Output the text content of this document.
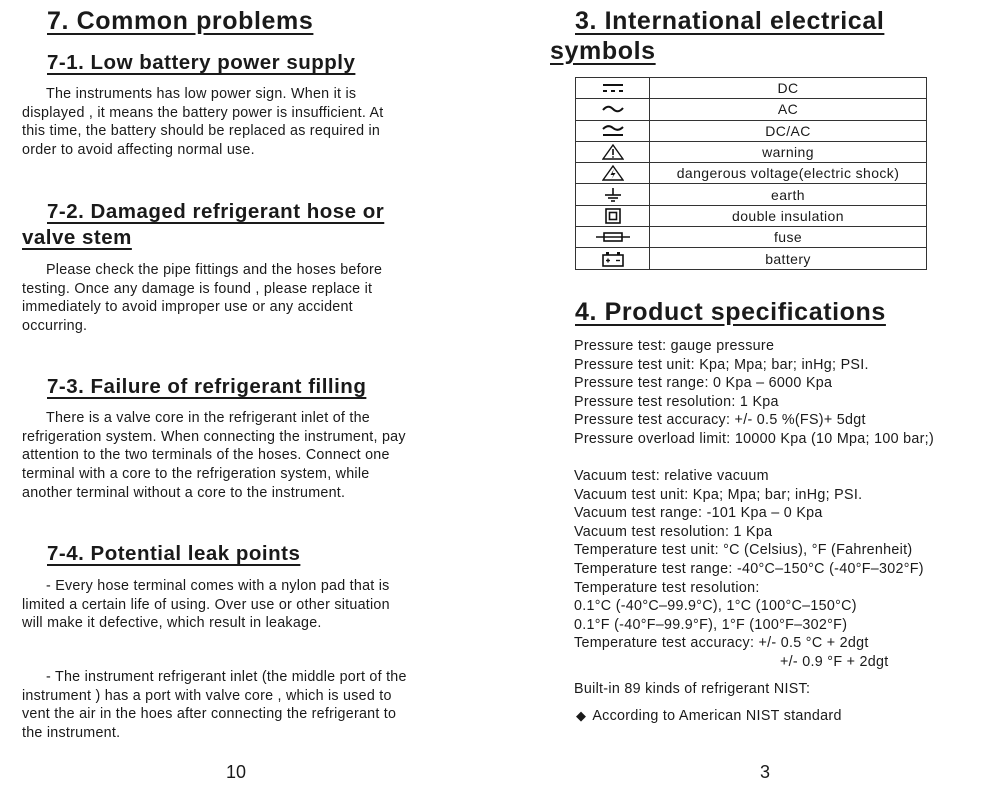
7. Common problems
7-1. Low battery power supply
The instruments has low power sign. When it is
displayed , it means the battery power is insufficient. At
this time, the battery should be replaced as required in
order to avoid affecting normal use.
7-2. Damaged refrigerant hose or
valve stem
Please check the pipe fittings and the hoses before
testing. Once any damage is found , please replace it
immediately to avoid improper use or any accident
occurring.
7-3. Failure of refrigerant filling
There is a valve core in the refrigerant inlet of the
refrigeration system. When connecting the instrument, pay
attention to the two terminals of the hoses. Connect one
terminal with a core to the refrigeration system, while
another terminal without a core to the instrument.
7-4. Potential leak points
- Every hose terminal comes with a nylon pad that is
limited a certain life of using. Over use or other situation
will make it defective, which result in leakage.
- The instrument refrigerant inlet (the middle port of the
instrument ) has a port with valve core , which is used to
vent the air in the hoes after connecting the refrigerant to
the instrument.
10
3. International electrical
symbols
	DC

	AC

	DC/AC

	warning

	dangerous voltage(electric shock)

	earth

	double insulation

	fuse

	battery
4. Product specifications
Pressure test: gauge pressure
Pressure test unit: Kpa; Mpa; bar; inHg; PSI.
Pressure test range: 0 Kpa – 6000 Kpa
Pressure test resolution: 1 Kpa
Pressure test accuracy: +/- 0.5 %(FS)+ 5dgt
Pressure overload limit: 10000 Kpa (10 Mpa; 100 bar;)
Vacuum test: relative vacuum
Vacuum test unit: Kpa; Mpa; bar; inHg; PSI.
Vacuum test range: -101 Kpa – 0 Kpa
Vacuum test resolution: 1 Kpa
Temperature test unit: °C (Celsius), °F (Fahrenheit)
Temperature test range: -40°C–150°C (-40°F–302°F)
Temperature test resolution:
0.1°C (-40°C–99.9°C), 1°C (100°C–150°C)
0.1°F (-40°F–99.9°F), 1°F (100°F–302°F)
Temperature test accuracy: +/- 0.5 °C + 2dgt
+/- 0.9 °F + 2dgt
Built-in 89 kinds of refrigerant NIST:
◆ According to American NIST standard
3
